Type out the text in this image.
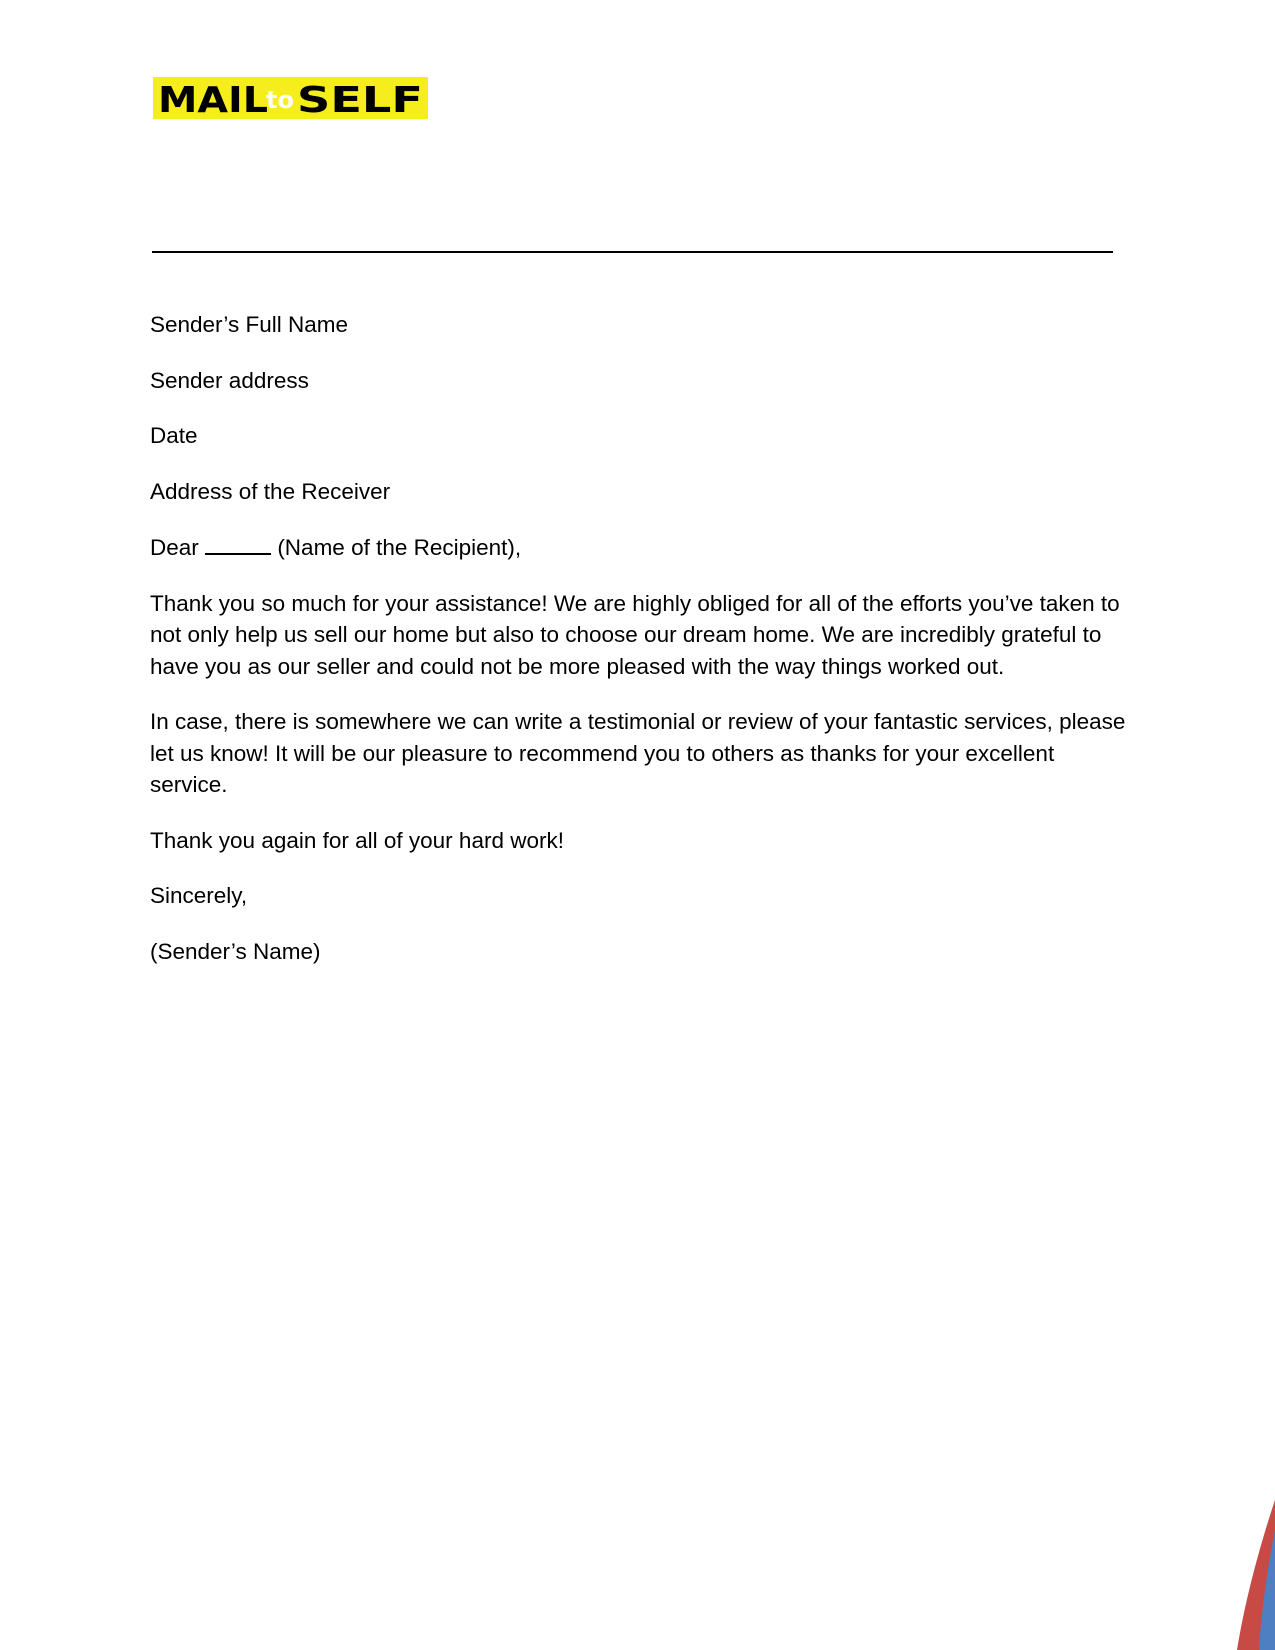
MAIL
to SELF

Sender’s Full Name

Sender address

Date

Address of the Receiver

Dear	(Name of the Recipient),

Thank you so much for your assistance! We are highly obliged for all of the efforts you’ve taken to not only help us sell our home but also to choose our dream home. We are incredibly grateful to have you as our seller and could not be more pleased with the way things worked out.

In case, there is somewhere we can write a testimonial or review of your fantastic services, please let us know! It will be our pleasure to recommend you to others as thanks for your excellent service.

Thank you again for all of your hard work!

Sincerely,

(Sender’s Name)
